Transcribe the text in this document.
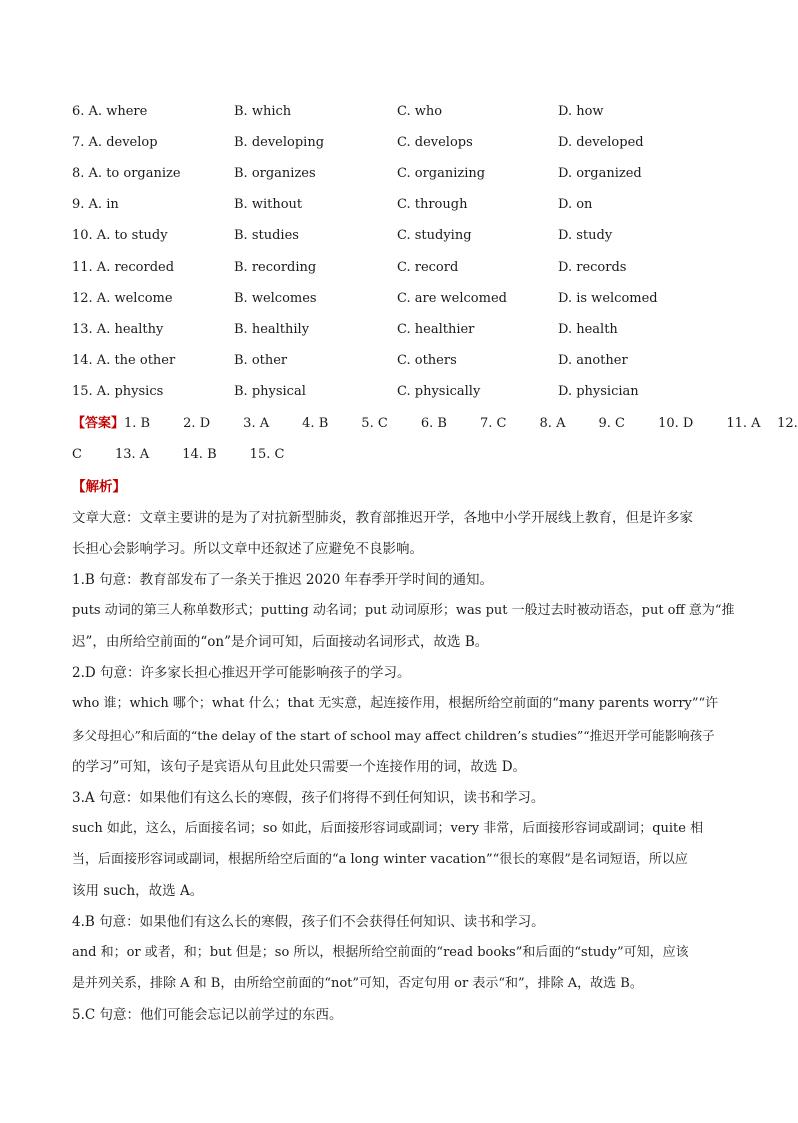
6. A. where	B. which	C. who	D. how
7. A. develop	B. developing	C. develops	D. developed
8. A. to organize	B. organizes	C. organizing	D. organized
9. A. in	B. without	C. through	D. on
10. A. to study	B. studies	C. studying	D. study
11. A. recorded	B. recording	C. record	D. records
12. A. welcome	B. welcomes	C. are welcomed	D. is welcomed
13. A. healthy	B. healthily	C. healthier	D. health
14. A. the other	B. other	C. others	D. another
15. A. physics	B. physical	C. physically	D. physician
【答案】1. B        2. D        3. A        4. B        5. C        6. B        7. C        8. A        9. C        10. D        11. A    12.
C        13. A        14. B        15. C
【解析】
文章大意：文章主要讲的是为了对抗新型肺炎，教育部推迟开学，各地中小学开展线上教育，但是许多家
长担心会影响学习。所以文章中还叙述了应避免不良影响。
1.B 句意：教育部发布了一条关于推迟 2020 年春季开学时间的通知。
puts 动词的第三人称单数形式；putting 动名词；put 动词原形；was put 一般过去时被动语态，put off 意为“推
迟”，由所给空前面的“on”是介词可知，后面接动名词形式，故选 B。
2.D 句意：许多家长担心推迟开学可能影响孩子的学习。
who 谁；which 哪个；what 什么；that 无实意，起连接作用，根据所给空前面的“many parents worry”“许
多父母担心”和后面的“the delay of the start of school may affect children’s studies”“推迟开学可能影响孩子
的学习”可知，该句子是宾语从句且此处只需要一个连接作用的词，故选 D。
3.A 句意：如果他们有这么长的寒假，孩子们将得不到任何知识，读书和学习。
such 如此，这么，后面接名词；so 如此，后面接形容词或副词；very 非常，后面接形容词或副词；quite 相
当，后面接形容词或副词，根据所给空后面的“a long winter vacation”“很长的寒假”是名词短语，所以应
该用 such，故选 A。
4.B 句意：如果他们有这么长的寒假，孩子们不会获得任何知识、读书和学习。
and 和；or 或者，和；but 但是；so 所以，根据所给空前面的“read books”和后面的“study”可知，应该
是并列关系，排除 A 和 B，由所给空前面的“not”可知，否定句用 or 表示“和”，排除 A，故选 B。
5.C 句意：他们可能会忘记以前学过的东西。
